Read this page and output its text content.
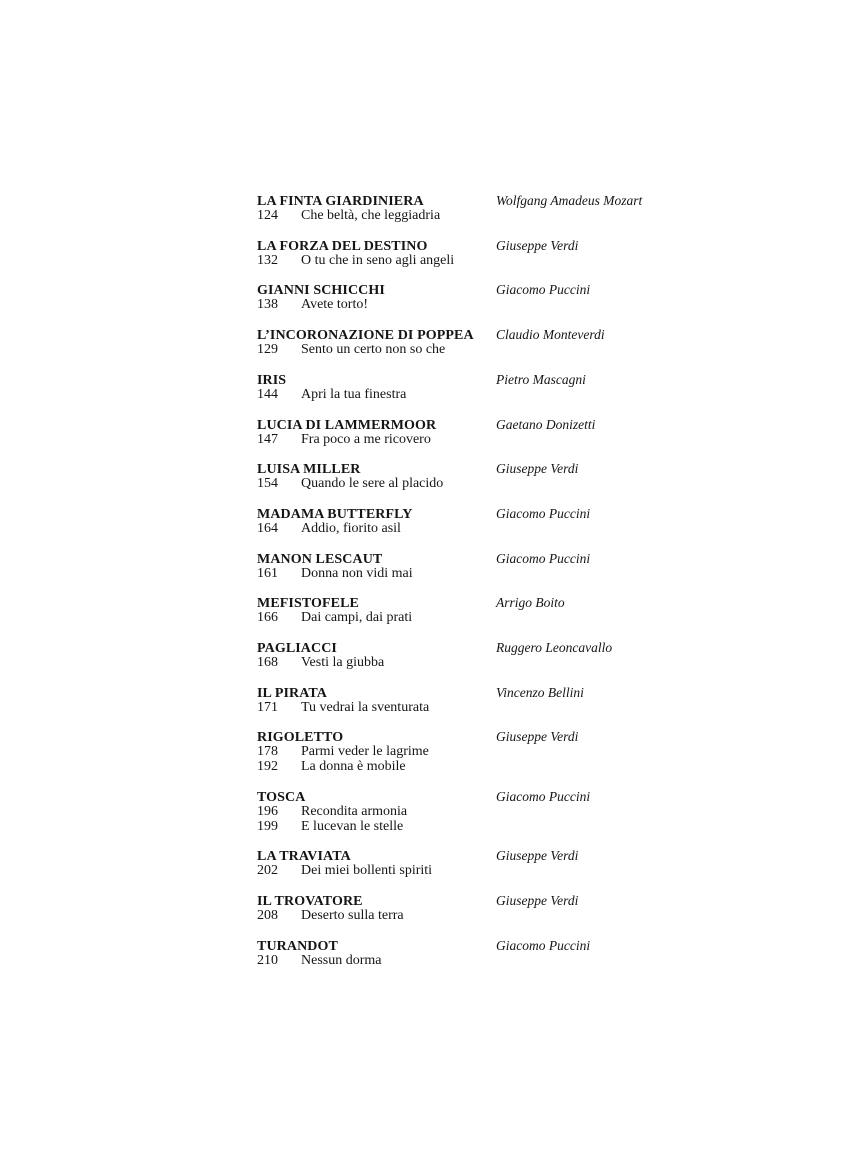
LA FINTA GIARDINIERA	Wolfgang Amadeus Mozart
124	Che beltà, che leggiadria
LA FORZA DEL DESTINO	Giuseppe Verdi
132	O tu che in seno agli angeli
GIANNI SCHICCHI	Giacomo Puccini
138	Avete torto!
L’INCORONAZIONE DI POPPEA	Claudio Monteverdi
129	Sento un certo non so che
IRIS	Pietro Mascagni
144	Apri la tua finestra
LUCIA DI LAMMERMOOR	Gaetano Donizetti
147	Fra poco a me ricovero
LUISA MILLER	Giuseppe Verdi
154	Quando le sere al placido
MADAMA BUTTERFLY	Giacomo Puccini
164	Addio, fiorito asil
MANON LESCAUT	Giacomo Puccini
161	Donna non vidi mai
MEFISTOFELE	Arrigo Boito
166	Dai campi, dai prati
PAGLIACCI	Ruggero Leoncavallo
168	Vesti la giubba
IL PIRATA	Vincenzo Bellini
171	Tu vedrai la sventurata
RIGOLETTO	Giuseppe Verdi
178	Parmi veder le lagrime
192	La donna è mobile
TOSCA	Giacomo Puccini
196	Recondita armonia
199	E lucevan le stelle
LA TRAVIATA	Giuseppe Verdi
202	Dei miei bollenti spiriti
IL TROVATORE	Giuseppe Verdi
208	Deserto sulla terra
TURANDOT	Giacomo Puccini
210	Nessun dorma
